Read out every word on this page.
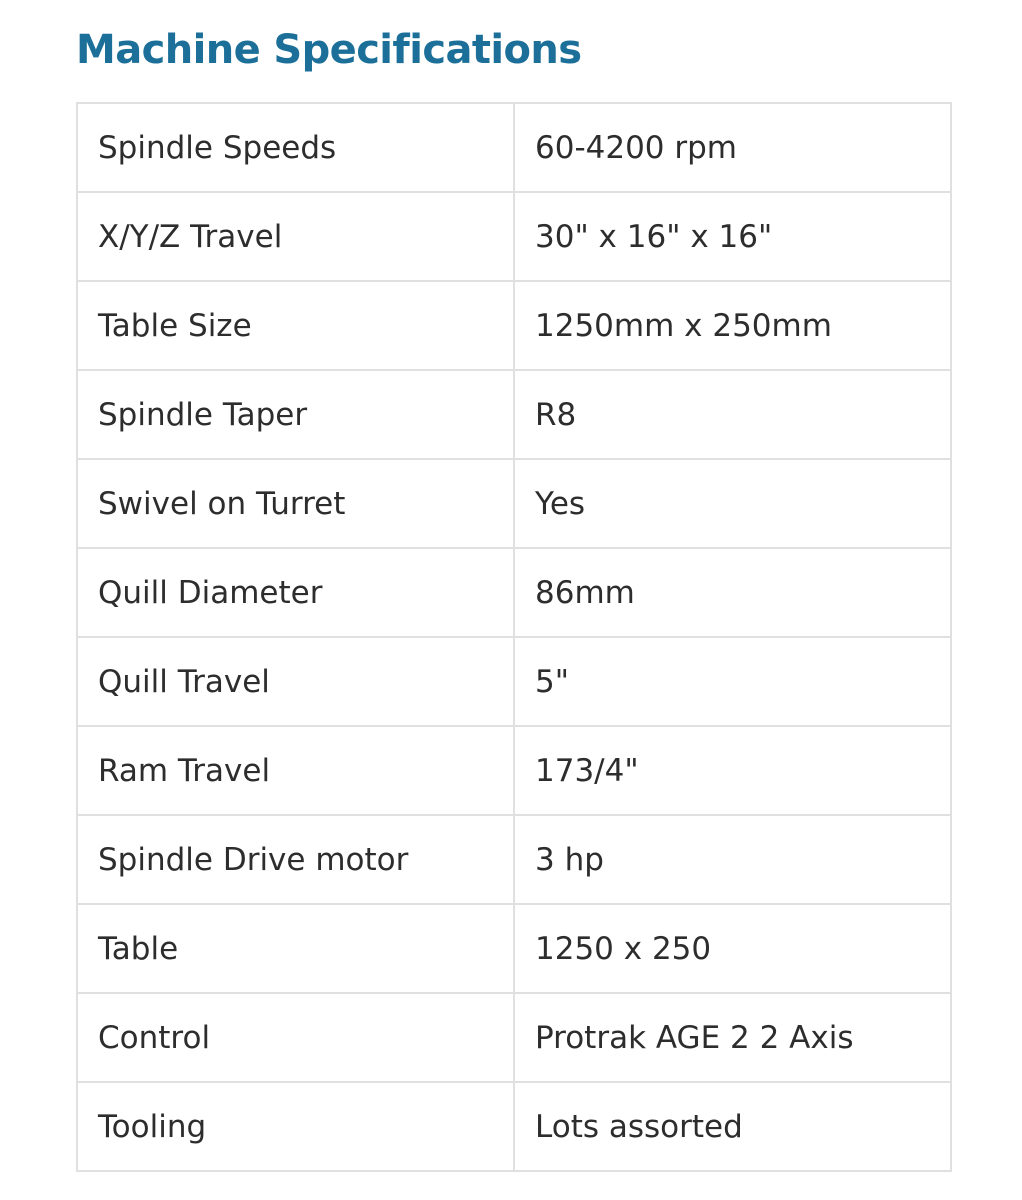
Machine Specifications
Spindle Speeds	60-4200 rpm
X/Y/Z Travel	30" x 16" x 16"
Table Size	1250mm x 250mm
Spindle Taper	R8
Swivel on Turret	Yes
Quill Diameter	86mm
Quill Travel	5"
Ram Travel	173/4"
Spindle Drive motor	3 hp
Table	1250 x 250
Control	Protrak AGE 2 2 Axis
Tooling	Lots assorted
